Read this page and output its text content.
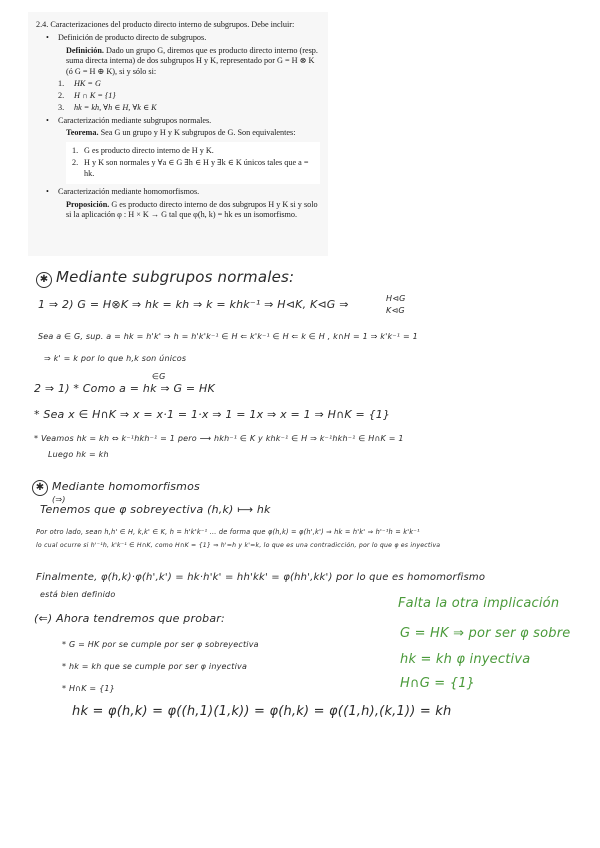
2.4. Caracterizaciones del producto directo interno de subgrupos. Debe incluir:

• Definición de producto directo de subgrupos.

Definición. Dado un grupo G, diremos que es producto directo interno (resp. suma directa interna) de dos subgrupos H y K, representado por G = H ⊗ K (ó G = H ⊕ K), si y sólo si:

1. HK = G

2. H ∩ K = {1}

3. hk = kh, ∀h ∈ H, ∀k ∈ K

• Caracterización mediante subgrupos normales.

Teorema. Sea G un grupo y H y K subgrupos de G. Son equivalentes:

1. G es producto directo interno de H y K.

2. H y K son normales y ∀a ∈ G ∃h ∈ H y ∃k ∈ K únicos tales que a = hk.

• Caracterización mediante homomorfismos.

Proposición. G es producto directo interno de dos subgrupos H y K si y solo si la aplicación φ : H × K → G tal que φ(h, k) = hk es un isomorfismo.

✱ Mediante subgrupos normales:
1 ⇒ 2) G = H⊗K ⇒ hk = kh ⇒ k = khk⁻¹ ⇒ H⊲K, K⊲G ⇒	H⊲G
K⊲G
Sea a ∈ G, sup. a = hk = h'k' ⇒ h = h'k'k⁻¹ ∈ H ⇐ k'k⁻¹ ∈ H ⇐ k ∈ H , k∩H = 1 ⇒ k'k⁻¹ = 1
⇒ k' = k por lo que h,k son únicos
∈G
2 ⇒ 1) * Como a = hk ⇒ G = HK
* Sea x ∈ H∩K ⇒ x = x·1 = 1·x ⇒ 1 = 1x ⇒ x = 1 ⇒ H∩K = {1}
* Veamos hk = kh ⇔ k⁻¹hkh⁻¹ = 1 pero ⟶ hkh⁻¹ ∈ K y khk⁻¹ ∈ H ⇒ k⁻¹hkh⁻¹ ∈ H∩K = 1
Luego hk = kh
✱ Mediante homomorfismos
(⇒)
Tenemos que φ sobreyectiva (h,k) ⟼ hk
Por otro lado, sean h,h' ∈ H, k,k' ∈ K, h = h'k'k⁻¹ ... de forma que φ(h,k) = φ(h',k') ⇒ hk = h'k' ⇒ h'⁻¹h = k'k⁻¹
lo cual ocurre si h'⁻¹h, k'k⁻¹ ∈ H∩K, como H∩K = {1} ⇒ h'=h y k'=k, lo que es una contradicción, por lo que φ es inyectiva
Finalmente, φ(h,k)·φ(h',k') = hk·h'k' = hh'kk' = φ(hh',kk') por lo que es homomorfismo
está bien definido
(⇐) Ahora tendremos que probar:
* G = HK por se cumple por ser φ sobreyectiva
* hk = kh que se cumple por ser φ inyectiva
* H∩K = {1}
hk = φ(h,k) = φ((h,1)(1,k)) = φ(h,k) = φ((1,h),(k,1)) = kh
Falta la otra implicación
G = HK ⇒ por ser φ sobre
hk = kh φ inyectiva
H∩G = {1}
